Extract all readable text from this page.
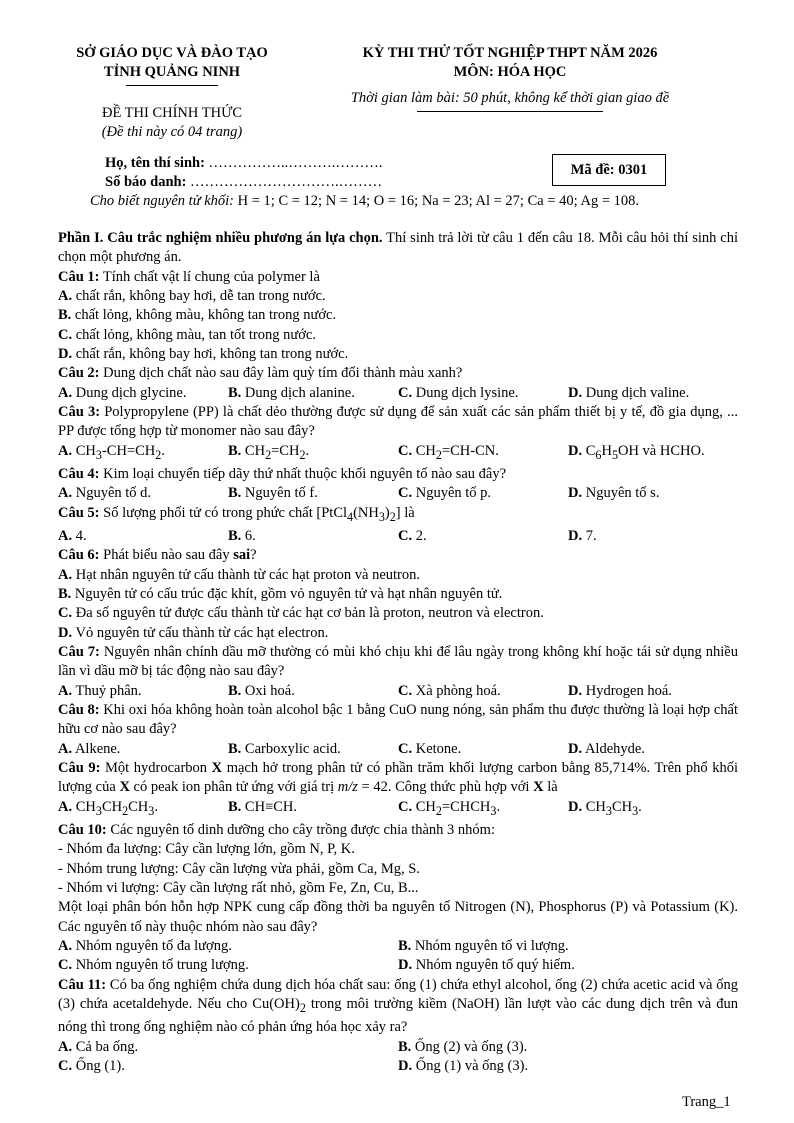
SỞ GIÁO DỤC VÀ ĐÀO TẠO
TỈNH QUẢNG NINH
ĐỀ THI CHÍNH THỨC
(Đề thi này có 04 trang)
KỲ THI THỬ TỐT NGHIỆP THPT NĂM 2026
MÔN: HÓA HỌC
Thời gian làm bài: 50 phút, không kể thời gian giao đề
Họ, tên thí sinh: ……………..……….……….
Số báo danh: ………………………….………
Mã đề: 0301
Cho biết nguyên tử khối: H = 1; C = 12; N = 14; O = 16; Na = 23; Al = 27; Ca = 40; Ag = 108.

Phần I. Câu trắc nghiệm nhiều phương án lựa chọn. Thí sinh trả lời từ câu 1 đến câu 18. Mỗi câu hỏi thí sinh chỉ chọn một phương án.

Câu 1: Tính chất vật lí chung của polymer là

A. chất rắn, không bay hơi, dễ tan trong nước.
B. chất lỏng, không màu, không tan trong nước.
C. chất lỏng, không màu, tan tốt trong nước.
D. chất rắn, không bay hơi, không tan trong nước.

Câu 2: Dung dịch chất nào sau đây làm quỳ tím đổi thành màu xanh?

A. Dung dịch glycine.	B. Dung dịch alanine.	C. Dung dịch lysine.	D. Dung dịch valine.

Câu 3: Polypropylene (PP) là chất dẻo thường được sử dụng để sản xuất các sản phẩm thiết bị y tế, đồ gia dụng, ... PP được tổng hợp từ monomer nào sau đây?

A. $CH_3-CH=CH_2$.	B. $CH_2=CH_2$.	C. $CH_2=CH-CN$.	D. $C_6H_5OH$ và HCHO.

Câu 4: Kim loại chuyển tiếp dãy thứ nhất thuộc khối nguyên tố nào sau đây?

A. Nguyên tố d.	B. Nguyên tố f.	C. Nguyên tố p.	D. Nguyên tố s.

Câu 5: Số lượng phối tử có trong phức chất $[PtCl_4(NH_3)_2]$ là

A. 4.	B. 6.	C. 2.	D. 7.

Câu 6: Phát biểu nào sau đây sai?

A. Hạt nhân nguyên tử cấu thành từ các hạt proton và neutron.
B. Nguyên tử có cấu trúc đặc khít, gồm vỏ nguyên tử và hạt nhân nguyên tử.
C. Đa số nguyên tử được cấu thành từ các hạt cơ bản là proton, neutron và electron.
D. Vỏ nguyên tử cấu thành từ các hạt electron.

Câu 7: Nguyên nhân chính dầu mỡ thường có mùi khó chịu khi để lâu ngày trong không khí hoặc tái sử dụng nhiều lần vì dầu mỡ bị tác động nào sau đây?

A. Thuỷ phân.	B. Oxi hoá.	C. Xà phòng hoá.	D. Hydrogen hoá.

Câu 8: Khi oxi hóa không hoàn toàn alcohol bậc 1 bằng CuO nung nóng, sản phẩm thu được thường là loại hợp chất hữu cơ nào sau đây?

A. Alkene.	B. Carboxylic acid.	C. Ketone.	D. Aldehyde.

Câu 9: Một hydrocarbon X mạch hở trong phân tử có phần trăm khối lượng carbon bằng 85,714%. Trên phổ khối lượng của X có peak ion phân tử ứng với giá trị m/z = 42. Công thức phù hợp với X là

A. $CH_3CH_2CH_3$.	B. CH≡CH.	C. $CH_2=CHCH_3$.	D. $CH_3CH_3$.

Câu 10: Các nguyên tố dinh dưỡng cho cây trồng được chia thành 3 nhóm:

- Nhóm đa lượng: Cây cần lượng lớn, gồm N, P, K.

- Nhóm trung lượng: Cây cần lượng vừa phải, gồm Ca, Mg, S.

- Nhóm vi lượng: Cây cần lượng rất nhỏ, gồm Fe, Zn, Cu, B...

Một loại phân bón hỗn hợp NPK cung cấp đồng thời ba nguyên tố Nitrogen (N), Phosphorus (P) và Potassium (K). Các nguyên tố này thuộc nhóm nào sau đây?

A. Nhóm nguyên tố đa lượng.	B. Nhóm nguyên tố vi lượng.
C. Nhóm nguyên tố trung lượng.	D. Nhóm nguyên tố quý hiếm.

Câu 11: Có ba ống nghiệm chứa dung dịch hóa chất sau: ống (1) chứa ethyl alcohol, ống (2) chứa acetic acid và ống (3) chứa acetaldehyde. Nếu cho $Cu(OH)_2$ trong môi trường kiềm (NaOH) lần lượt vào các dung dịch trên và đun nóng thì trong ống nghiệm nào có phản ứng hóa học xảy ra?

A. Cả ba ống.	B. Ống (2) và ống (3).
C. Ống (1).	D. Ống (1) và ống (3).
Trang_1
